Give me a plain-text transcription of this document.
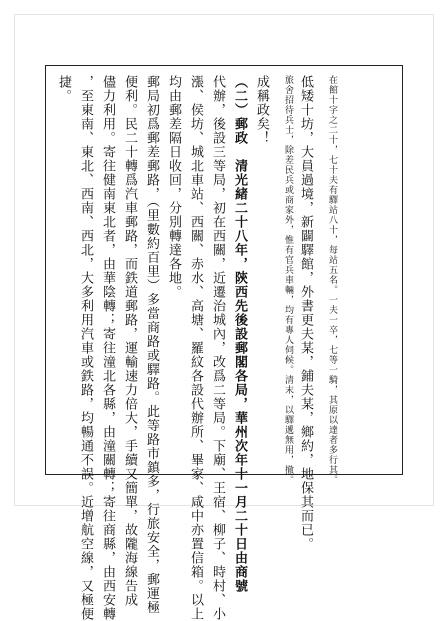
捷。 ，至東南、東北、西南、西北，大多利用汽車或鉄路，均暢通不誤。近增航空線，又極便 儘力利用。寄往健南東北者，由華陰轉；寄往潼北各縣，由潼關轉；寄往商縣，由西安轉 便利。民二十轉爲汽車郵路，而鉄道郵路，運輸速力倍大，手續又簡單，故隴海線告成 郵局初爲郵差郵路，（里數約百里）多當商路或驛路。此等路市鎮多，行旅安全，郵運極 均由郵差隔日收回，分別轉達各地。 漲、侯坊、城北車站、西關、赤水、高塘、羅紋各設代辦所、畢家、咸中亦置信箱。以上 代辦，後設三等局，初在西關，近遷治城內，改爲二等局。下廟、王宿、柳子、時村、小 （二）郵政　清光緒二十八年，陝西先後設郵閣各局，華州次年十一月二十日由商號 成稱政矣！	旅舍招待兵士，除差民兵或商家外，惟有官兵車輛，均有專人伺候。清末，以驛遞無用，撤。 低矮十坊，大員過境，新闢驛館，外書更夫某，鋪夫某，鄉約，地保其而已。	在館十字之二十，七十夫有驛站八十，每站五名。一夫一卒，七等一騎，其原以達者多行其。
